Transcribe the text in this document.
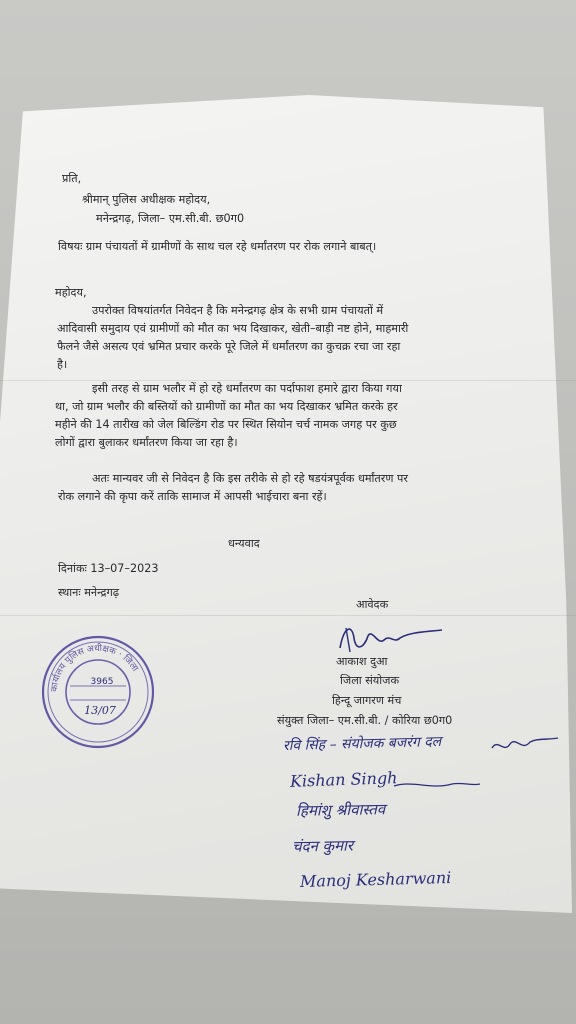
प्रति,
श्रीमान् पुलिस अधीक्षक महोदय,
मनेन्द्रगढ़, जिला– एम.सी.बी. छ0ग0
विषयः ग्राम पंचायतों में ग्रामीणों के साथ चल रहे धर्मांतरण पर रोक लगाने बाबत्।
महोदय,
उपरोक्त विषयांतर्गत निवेदन है कि मनेन्द्रगढ़ क्षेत्र के सभी ग्राम पंचायतों में
आदिवासी समुदाय एवं ग्रामीणों को मौत का भय दिखाकर, खेती–बाड़ी नष्ट होने, माहमारी
फैलने जैसे असत्य एवं भ्रमित प्रचार करके पूरे जिले में धर्मांतरण का कुचक्र रचा जा रहा
है।
इसी तरह से ग्राम भलौर में हो रहे धर्मांतरण का पर्दाफाश हमारे द्वारा किया गया
था, जो ग्राम भलौर की बस्तियों को ग्रामीणों का मौत का भय दिखाकर भ्रमित करके हर
महीने की 14 तारीख को जेल बिल्डिंग रोड पर स्थित सियोन चर्च नामक जगह पर कुछ
लोगों द्वारा बुलाकर धर्मांतरण किया जा रहा है।
अतः मान्यवर जी से निवेदन है कि इस तरीके से हो रहे षडयंत्रपूर्वक धर्मांतरण पर
रोक लगाने की कृपा करें ताकि सामाज में आपसी भाईचारा बना रहें।
धन्यवाद
दिनांकः 13–07–2023
स्थानः मनेन्द्रगढ़
आवेदक
आकाश दुआ
जिला संयोजक
हिन्दू जागरण मंच
संयुक्त जिला– एम.सी.बी. / कोरिया छ0ग0
कार्यालय पुलिस अधीक्षक · जिला
3965
13/07
रवि सिंह – संयोजक बजरंग दल
Kishan Singh
हिमांशु श्रीवास्तव
चंदन कुमार
Manoj Kesharwani
